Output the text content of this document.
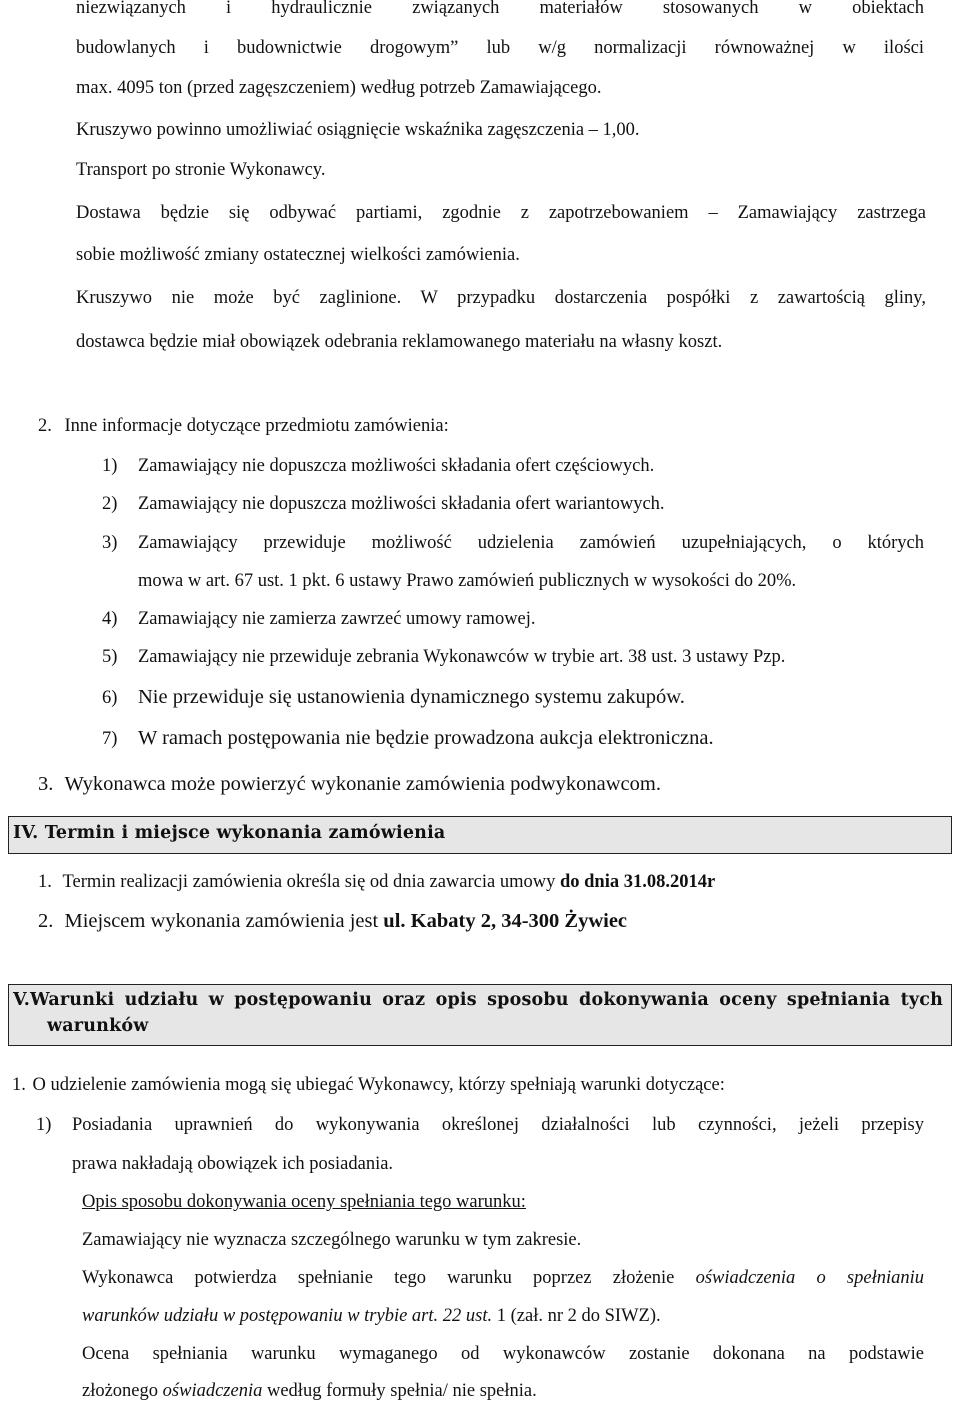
niezwiązanych i hydraulicznie związanych materiałów stosowanych w obiektach
budowlanych i budownictwie drogowym” lub w/g normalizacji równoważnej w ilości
max. 4095 ton (przed zagęszczeniem) według potrzeb Zamawiającego.
Kruszywo powinno umożliwiać osiągnięcie wskaźnika zagęszczenia – 1,00.
Transport po stronie Wykonawcy.
Dostawa będzie się odbywać partiami, zgodnie z zapotrzebowaniem – Zamawiający zastrzega
sobie możliwość zmiany ostatecznej wielkości zamówienia.
Kruszywo nie może być zaglinione. W przypadku dostarczenia pospółki z zawartością gliny,
dostawca będzie miał obowiązek odebrania reklamowanego materiału na własny koszt.
2. Inne informacje dotyczące przedmiotu zamówienia:
1) Zamawiający nie dopuszcza możliwości składania ofert częściowych.
2) Zamawiający nie dopuszcza możliwości składania ofert wariantowych.
3)	Zamawiający przewiduje możliwość udzielenia zamówień uzupełniających, o których
mowa w art. 67 ust. 1 pkt. 6 ustawy Prawo zamówień publicznych w wysokości do 20%.
4) Zamawiający nie zamierza zawrzeć umowy ramowej.
5) Zamawiający nie przewiduje zebrania Wykonawców w trybie art. 38 ust. 3 ustawy Pzp.
6) Nie przewiduje się ustanowienia dynamicznego systemu zakupów.
7) W ramach postępowania nie będzie prowadzona aukcja elektroniczna.
3. Wykonawca może powierzyć wykonanie zamówienia podwykonawcom.
IV. Termin i miejsce wykonania zamówienia
1. Termin realizacji zamówienia określa się od dnia zawarcia umowy do dnia 31.08.2014r
2. Miejscem wykonania zamówienia jest ul. Kabaty 2, 34-300 Żywiec
V.Warunki udziału w postępowaniu oraz opis sposobu dokonywania oceny spełniania tych
warunków
1. O udzielenie zamówienia mogą się ubiegać Wykonawcy, którzy spełniają warunki dotyczące:
1)	Posiadania uprawnień do wykonywania określonej działalności lub czynności, jeżeli przepisy
prawa nakładają obowiązek ich posiadania.
Opis sposobu dokonywania oceny spełniania tego warunku:
Zamawiający nie wyznacza szczególnego warunku w tym zakresie.
Wykonawca potwierdza spełnianie tego warunku poprzez złożenie oświadczenia o spełnianiu
warunków udziału w postępowaniu w trybie art. 22 ust. 1 (zał. nr 2 do SIWZ).
Ocena spełniania warunku wymaganego od wykonawców zostanie dokonana na podstawie
złożonego oświadczenia według formuły spełnia/ nie spełnia.
